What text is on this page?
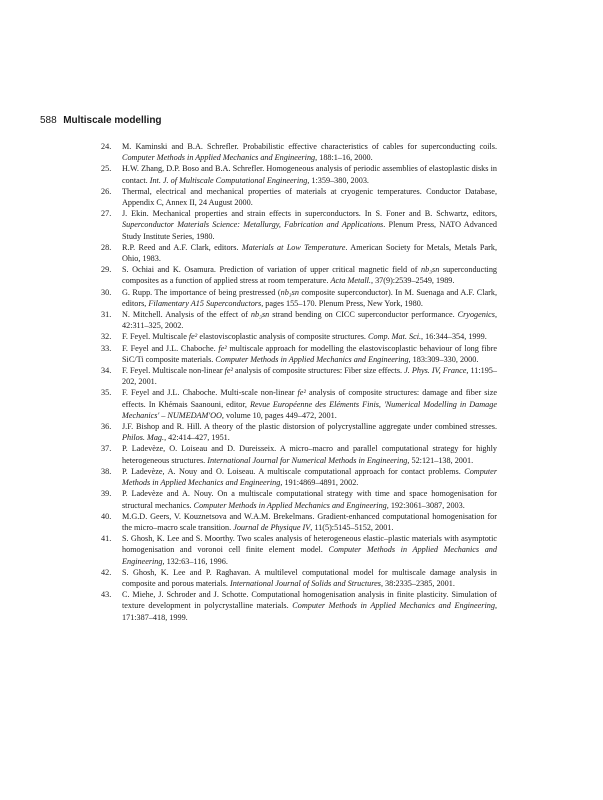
588 Multiscale modelling
24. M. Kaminski and B.A. Schrefler. Probabilistic effective characteristics of cables for superconducting coils. Computer Methods in Applied Mechanics and Engineering, 188:1–16, 2000.
25. H.W. Zhang, D.P. Boso and B.A. Schrefler. Homogeneous analysis of periodic assemblies of elastoplastic disks in contact. Int. J. of Multiscale Computational Engineering, 1:359–380, 2003.
26. Thermal, electrical and mechanical properties of materials at cryogenic temperatures. Conductor Database, Appendix C, Annex II, 24 August 2000.
27. J. Ekin. Mechanical properties and strain effects in superconductors. In S. Foner and B. Schwartz, editors, Superconductor Materials Science: Metallurgy, Fabrication and Applications. Plenum Press, NATO Advanced Study Institute Series, 1980.
28. R.P. Reed and A.F. Clark, editors. Materials at Low Temperature. American Society for Metals, Metals Park, Ohio, 1983.
29. S. Ochiai and K. Osamura. Prediction of variation of upper critical magnetic field of nb₃sn superconducting composites as a function of applied stress at room temperature. Acta Metall., 37(9):2539–2549, 1989.
30. G. Rupp. The importance of being prestressed (nb₃sn composite superconductor). In M. Suenaga and A.F. Clark, editors, Filamentary A15 Superconductors, pages 155–170. Plenum Press, New York, 1980.
31. N. Mitchell. Analysis of the effect of nb₃sn strand bending on CICC superconductor performance. Cryogenics, 42:311–325, 2002.
32. F. Feyel. Multiscale fe² elastoviscoplastic analysis of composite structures. Comp. Mat. Sci., 16:344–354, 1999.
33. F. Feyel and J.L. Chaboche. fe² multiscale approach for modelling the elastoviscoplastic behaviour of long fibre SiC/Ti composite materials. Computer Methods in Applied Mechanics and Engineering, 183:309–330, 2000.
34. F. Feyel. Multiscale non-linear fe² analysis of composite structures: Fiber size effects. J. Phys. IV, France, 11:195–202, 2001.
35. F. Feyel and J.L. Chaboche. Multi-scale non-linear fe² analysis of composite structures: damage and fiber size effects. In Khémais Saanouni, editor, Revue Européenne des Eléments Finis, 'Numerical Modelling in Damage Mechanics' – NUMEDAM'OO, volume 10, pages 449–472, 2001.
36. J.F. Bishop and R. Hill. A theory of the plastic distorsion of polycrystalline aggregate under combined stresses. Philos. Mag., 42:414–427, 1951.
37. P. Ladevèze, O. Loiseau and D. Dureisseix. A micro–macro and parallel computational strategy for highly heterogeneous structures. International Journal for Numerical Methods in Engineering, 52:121–138, 2001.
38. P. Ladevèze, A. Nouy and O. Loiseau. A multiscale computational approach for contact problems. Computer Methods in Applied Mechanics and Engineering, 191:4869–4891, 2002.
39. P. Ladevèze and A. Nouy. On a multiscale computational strategy with time and space homogenisation for structural mechanics. Computer Methods in Applied Mechanics and Engineering, 192:3061–3087, 2003.
40. M.G.D. Geers, V. Kouznetsova and W.A.M. Brekelmans. Gradient-enhanced computational homogenisation for the micro–macro scale transition. Journal de Physique IV, 11(5):5145–5152, 2001.
41. S. Ghosh, K. Lee and S. Moorthy. Two scales analysis of heterogeneous elastic–plastic materials with asymptotic homogenisation and voronoi cell finite element model. Computer Methods in Applied Mechanics and Engineering, 132:63–116, 1996.
42. S. Ghosh, K. Lee and P. Raghavan. A multilevel computational model for multiscale damage analysis in composite and porous materials. International Journal of Solids and Structures, 38:2335–2385, 2001.
43. C. Miehe, J. Schroder and J. Schotte. Computational homogenisation analysis in finite plasticity. Simulation of texture development in polycrystalline materials. Computer Methods in Applied Mechanics and Engineering, 171:387–418, 1999.
